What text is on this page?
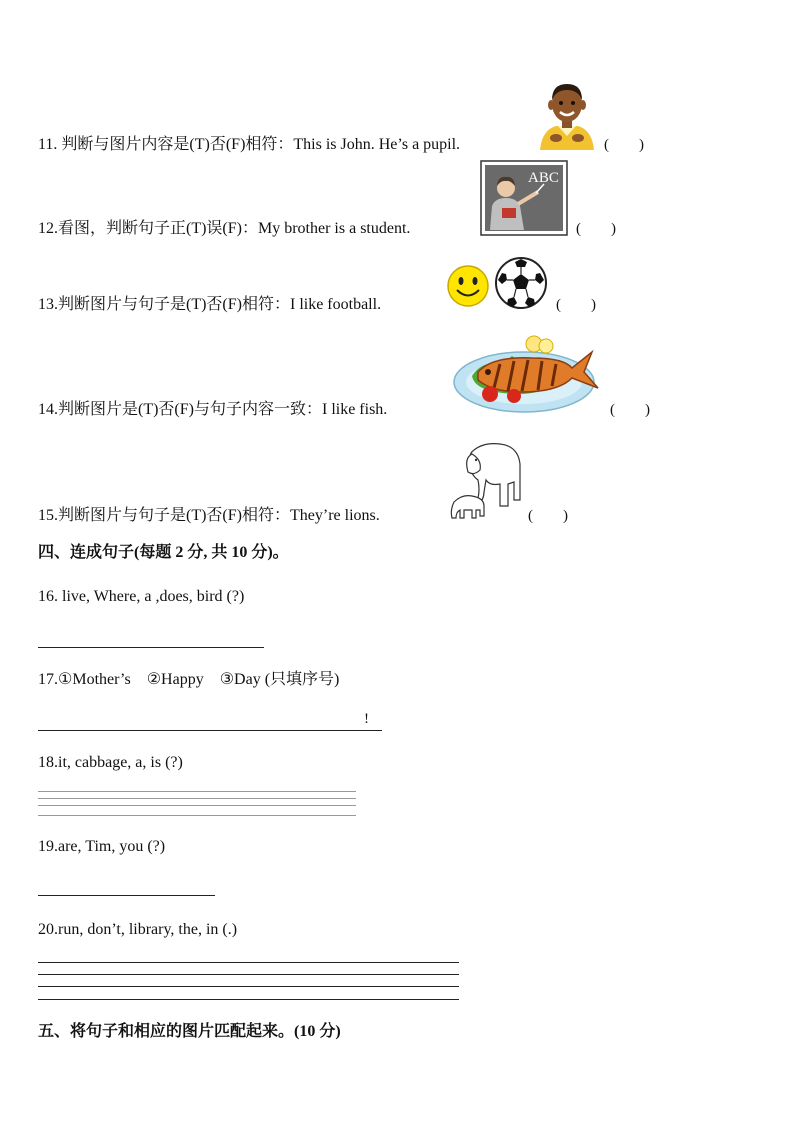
11. 判断与图片内容是(T)否(F)相符：This is John. He’s a pupil.	(　　)
12.看图，判断句子正(T)误(F)：My brother is a student.
ABC
(　　)
13.判断图片与句子是(T)否(F)相符：I like football.	(　　)
14.判断图片是(T)否(F)与句子内容一致：I like fish.	(　　)
15.判断图片与句子是(T)否(F)相符：They’re lions.	(　　)
四、连成句子(每题 2 分, 共 10 分)。
16. live, Where, a ,does, bird (?)
17.①Mother’s　②Happy　③Day (只填序号)
!
18.it, cabbage, a, is (?)
19.are, Tim, you (?)
20.run, don’t, library, the, in (.)
五、将句子和相应的图片匹配起来。(10 分)
